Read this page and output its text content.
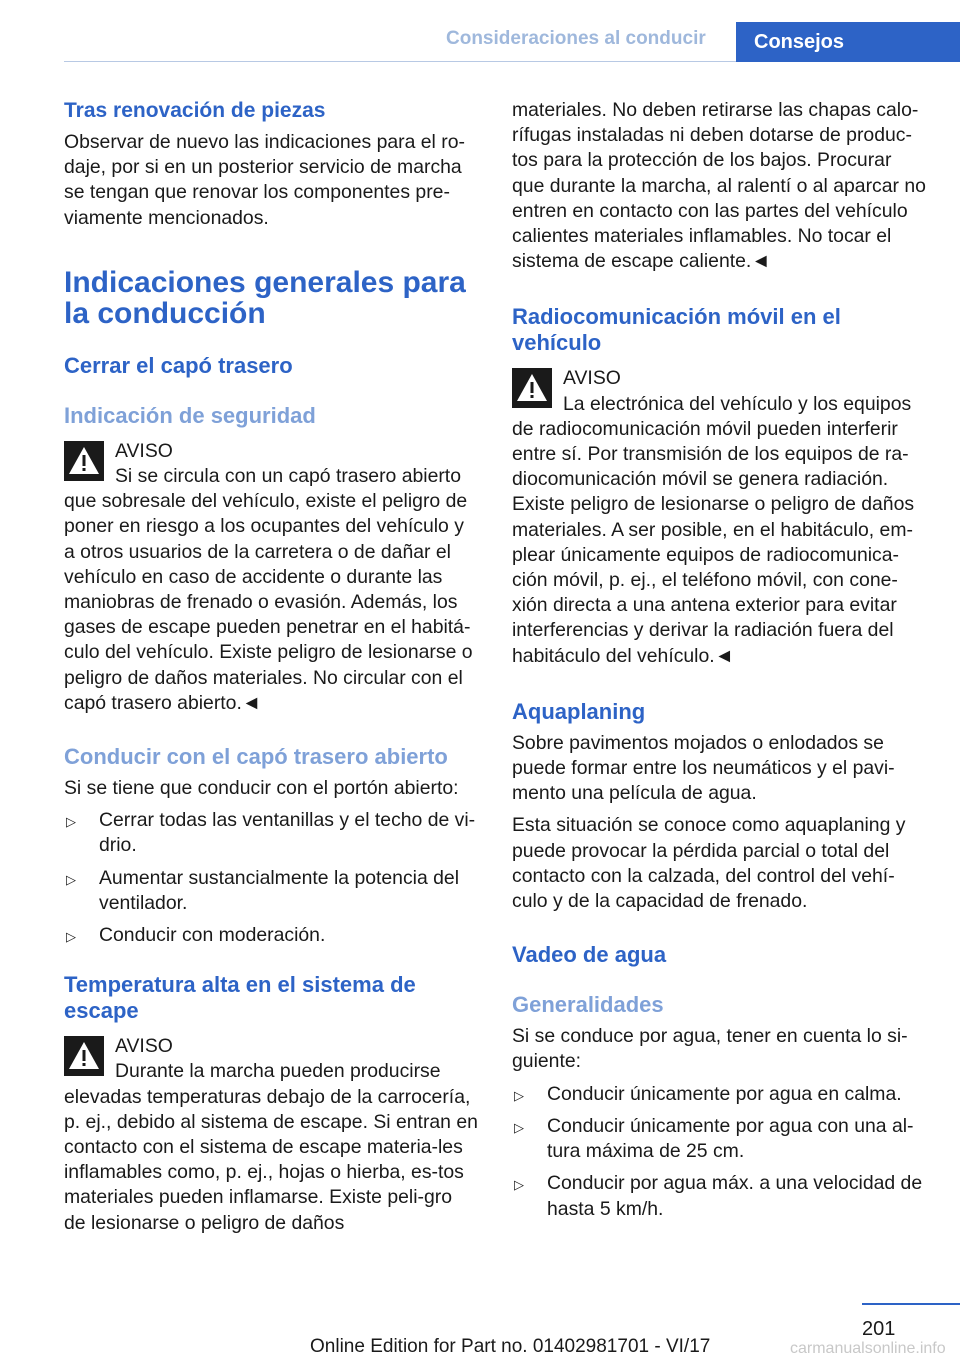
Consideraciones al conducir	Consejos
Tras renovación de piezas

Observar de nuevo las indicaciones para el ro-daje, por si en un posterior servicio de marcha se tengan que renovar los componentes pre-viamente mencionados.

Indicaciones generales para la conducción
Cerrar el capó trasero
Indicación de seguridad

AVISO

Si se circula con un capó trasero abierto

que sobresale del vehículo, existe el peligro de poner en riesgo a los ocupantes del vehículo y a otros usuarios de la carretera o de dañar el vehículo en caso de accidente o durante las maniobras de frenado o evasión. Además, los gases de escape pueden penetrar en el habitá-culo del vehículo. Existe peligro de lesionarse o peligro de daños materiales. No circular con el capó trasero abierto.◄

Conducir con el capó trasero abierto

Si se tiene que conducir con el portón abierto:

▷ Cerrar todas las ventanillas y el techo de vi-drio.
▷ Aumentar sustancialmente la potencia del ventilador.
▷ Conducir con moderación.
Temperatura alta en el sistema de escape

AVISO

Durante la marcha pueden producirse

elevadas temperaturas debajo de la carrocería, p. ej., debido al sistema de escape. Si entran en contacto con el sistema de escape materia-les inflamables como, p. ej., hojas o hierba, es-tos materiales pueden inflamarse. Existe peli-gro de lesionarse o peligro de daños

materiales. No deben retirarse las chapas calo-rífugas instaladas ni deben dotarse de produc-tos para la protección de los bajos. Procurar que durante la marcha, al ralentí o al aparcar no entren en contacto con las partes del vehículo calientes materiales inflamables. No tocar el sistema de escape caliente.◄

Radiocomunicación móvil en el vehículo

AVISO

La electrónica del vehículo y los equipos

de radiocomunicación móvil pueden interferir entre sí. Por transmisión de los equipos de ra-diocomunicación móvil se genera radiación. Existe peligro de lesionarse o peligro de daños materiales. A ser posible, en el habitáculo, em-plear únicamente equipos de radiocomunica-ción móvil, p. ej., el teléfono móvil, con cone-xión directa a una antena exterior para evitar interferencias y derivar la radiación fuera del habitáculo del vehículo.◄

Aquaplaning

Sobre pavimentos mojados o enlodados se puede formar entre los neumáticos y el pavi-mento una película de agua.

Esta situación se conoce como aquaplaning y puede provocar la pérdida parcial o total del contacto con la calzada, del control del vehí-culo y de la capacidad de frenado.

Vadeo de agua
Generalidades

Si se conduce por agua, tener en cuenta lo si-guiente:

▷ Conducir únicamente por agua en calma.
▷ Conducir únicamente por agua con una al-tura máxima de 25 cm.
▷ Conducir por agua máx. a una velocidad de hasta 5 km/h.
201
Online Edition for Part no. 01402981701 - VI/17	carmanualsonline.info
